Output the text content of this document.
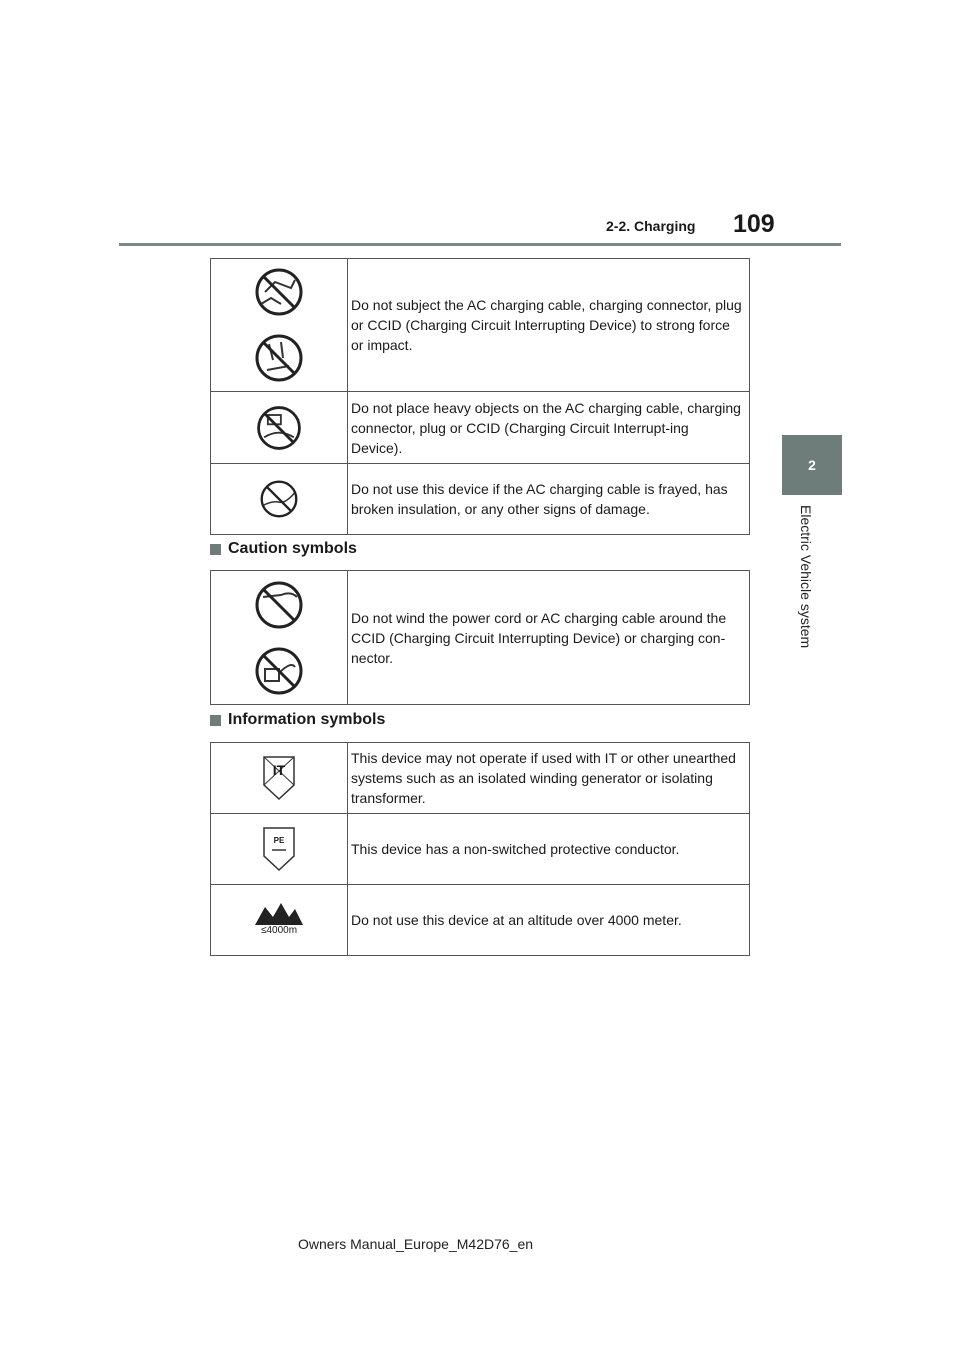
2-2. Charging 109
2
Electric Vehicle system
	Do not subject the AC charging cable, charging connector, plug or CCID (Charging Circuit Interrupting Device) to strong force or impact.

	Do not place heavy objects on the AC charging cable, charging connector, plug or CCID (Charging Circuit Interrupt-ing Device).

	Do not use this device if the AC charging cable is frayed, has broken insulation, or any other signs of damage.
Caution symbols
	Do not wind the power cord or AC charging cable around the CCID (Charging Circuit Interrupting Device) or charging con-nector.
Information symbols
IT	This device may not operate if used with IT or other unearthed systems such as an isolated winding generator or isolating transformer.

PE	This device has a non-switched protective conductor.

≤4000m	Do not use this device at an altitude over 4000 meter.
Owners Manual_Europe_M42D76_en
